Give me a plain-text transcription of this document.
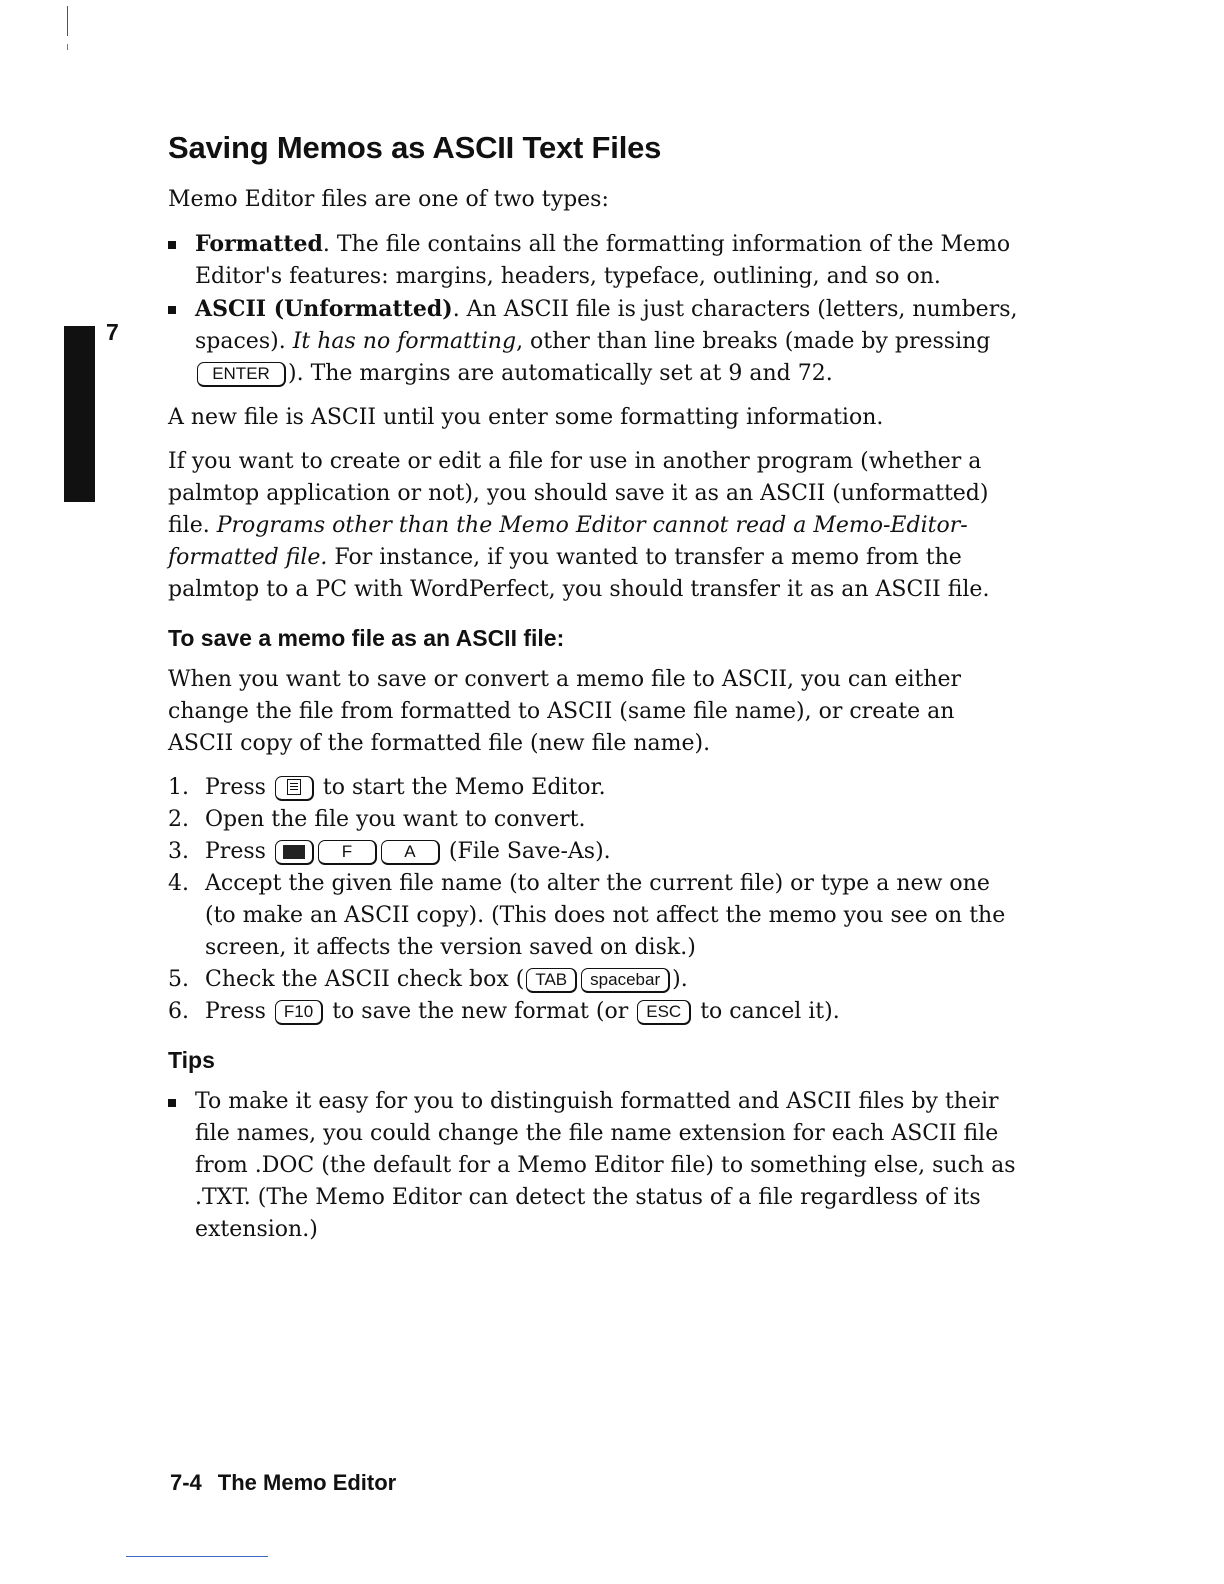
7
Saving Memos as ASCII Text Files

Memo Editor files are one of two types:

Formatted. The file contains all the formatting information of the Memo Editor's features: margins, headers, typeface, outlining, and so on.
ASCII (Unformatted). An ASCII file is just characters (letters, numbers, spaces). It has no formatting, other than line breaks (made by pressing ENTER ). The margins are automatically set at 9 and 72.

A new file is ASCII until you enter some formatting information.

If you want to create or edit a file for use in another program (whether a palmtop application or not), you should save it as an ASCII (unformatted) file. Programs other than the Memo Editor cannot read a Memo-Editor-formatted file. For instance, if you wanted to transfer a memo from the palmtop to a PC with WordPerfect, you should transfer it as an ASCII file.

To save a memo file as an ASCII file:

When you want to save or convert a memo file to ASCII, you can either change the file from formatted to ASCII (same file name), or create an ASCII copy of the formatted file (new file name).

1. Press  to start the Memo Editor.
2. Open the file you want to convert.
3. Press	F	A (File Save-As).
4. Accept the given file name (to alter the current file) or type a new one (to make an ASCII copy). (This does not affect the memo you see on the screen, it affects the version saved on disk.)
5. Check the ASCII check box ( TAB spacebar ).
6. Press F10 to save the new format (or ESC to cancel it).
Tips
To make it easy for you to distinguish formatted and ASCII files by their file names, you could change the file name extension for each ASCII file from .DOC (the default for a Memo Editor file) to something else, such as .TXT. (The Memo Editor can detect the status of a file regardless of its extension.)
7-4 The Memo Editor
